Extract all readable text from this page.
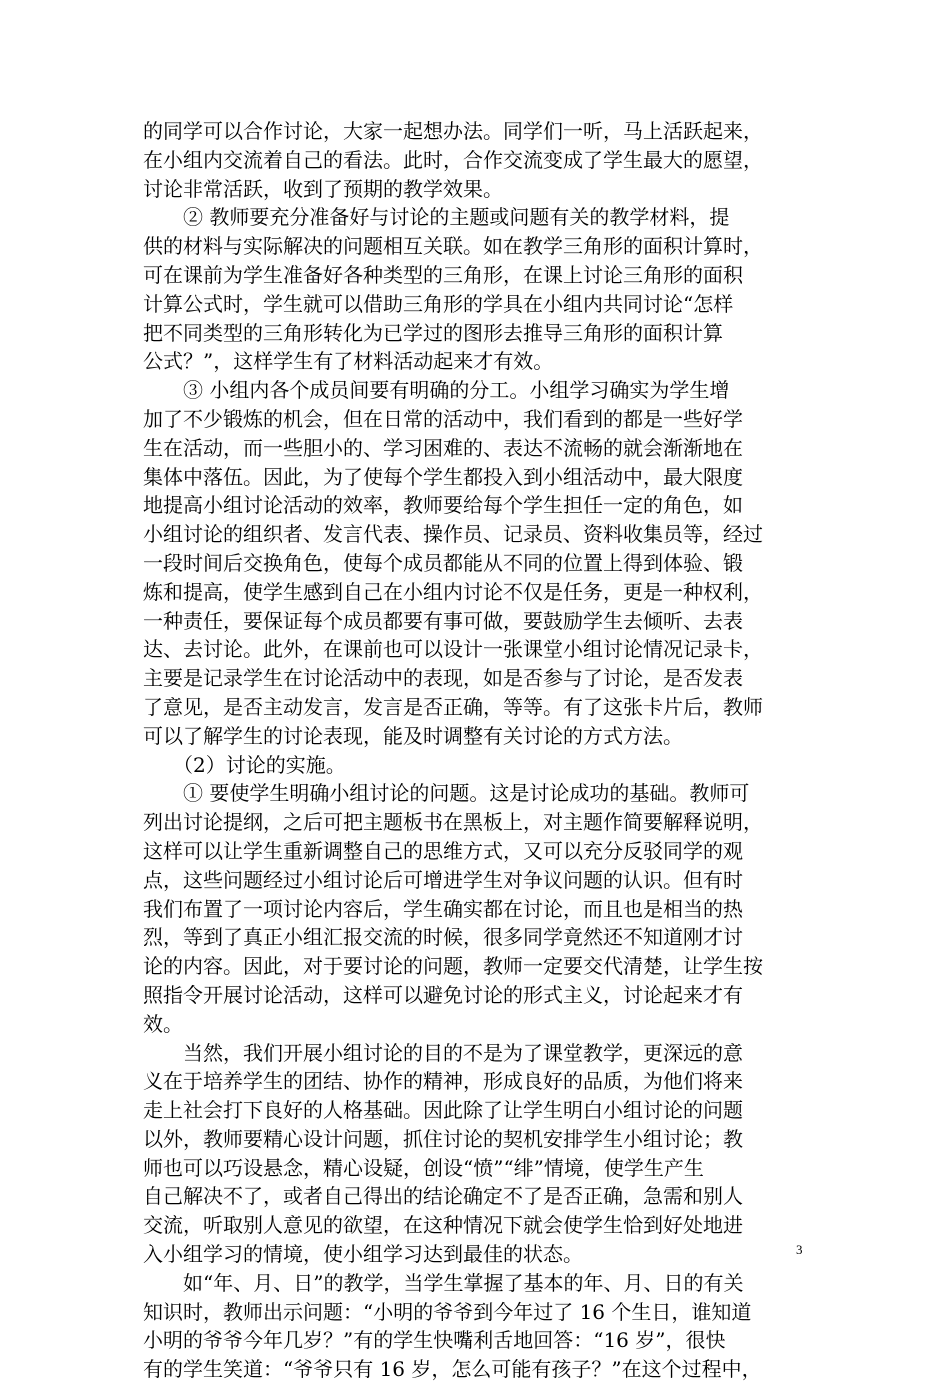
的同学可以合作讨论，大家一起想办法。同学们一听，马上活跃起来，
在小组内交流着自己的看法。此时，合作交流变成了学生最大的愿望，
讨论非常活跃，收到了预期的教学效果。
　　② 教师要充分准备好与讨论的主题或问题有关的教学材料，提
供的材料与实际解决的问题相互关联。如在教学三角形的面积计算时，
可在课前为学生准备好各种类型的三角形，在课上讨论三角形的面积
计算公式时，学生就可以借助三角形的学具在小组内共同讨论“怎样
把不同类型的三角形转化为已学过的图形去推导三角形的面积计算
公式？”，这样学生有了材料活动起来才有效。
　　③ 小组内各个成员间要有明确的分工。小组学习确实为学生增
加了不少锻炼的机会，但在日常的活动中，我们看到的都是一些好学
生在活动，而一些胆小的、学习困难的、表达不流畅的就会渐渐地在
集体中落伍。因此，为了使每个学生都投入到小组活动中，最大限度
地提高小组讨论活动的效率，教师要给每个学生担任一定的角色，如
小组讨论的组织者、发言代表、操作员、记录员、资料收集员等，经过
一段时间后交换角色，使每个成员都能从不同的位置上得到体验、锻
炼和提高，使学生感到自己在小组内讨论不仅是任务，更是一种权利，
一种责任，要保证每个成员都要有事可做，要鼓励学生去倾听、去表
达、去讨论。此外，在课前也可以设计一张课堂小组讨论情况记录卡，
主要是记录学生在讨论活动中的表现，如是否参与了讨论，是否发表
了意见，是否主动发言，发言是否正确，等等。有了这张卡片后，教师
可以了解学生的讨论表现，能及时调整有关讨论的方式方法。
　　（2）讨论的实施。
　　① 要使学生明确小组讨论的问题。这是讨论成功的基础。教师可
列出讨论提纲，之后可把主题板书在黑板上，对主题作简要解释说明，
这样可以让学生重新调整自己的思维方式，又可以充分反驳同学的观
点，这些问题经过小组讨论后可增进学生对争议问题的认识。但有时
我们布置了一项讨论内容后，学生确实都在讨论，而且也是相当的热
烈，等到了真正小组汇报交流的时候，很多同学竟然还不知道刚才讨
论的内容。因此，对于要讨论的问题，教师一定要交代清楚，让学生按
照指令开展讨论活动，这样可以避免讨论的形式主义，讨论起来才有
效。
　　当然，我们开展小组讨论的目的不是为了课堂教学，更深远的意
义在于培养学生的团结、协作的精神，形成良好的品质，为他们将来
走上社会打下良好的人格基础。因此除了让学生明白小组讨论的问题
以外，教师要精心设计问题，抓住讨论的契机安排学生小组讨论；教
师也可以巧设悬念，精心设疑，创设“愤”“绯”情境，使学生产生
自己解决不了，或者自己得出的结论确定不了是否正确，急需和别人
交流，听取别人意见的欲望，在这种情况下就会使学生恰到好处地进
入小组学习的情境，使小组学习达到最佳的状态。
　　如“年、月、日”的教学，当学生掌握了基本的年、月、日的有关
知识时，教师出示问题：“小明的爷爷到今年过了 16 个生日，谁知道
小明的爷爷今年几岁？”有的学生快嘴利舌地回答：“16 岁”，很快
有的学生笑道：“爷爷只有 16 岁，怎么可能有孩子？”在这个过程中，
3
